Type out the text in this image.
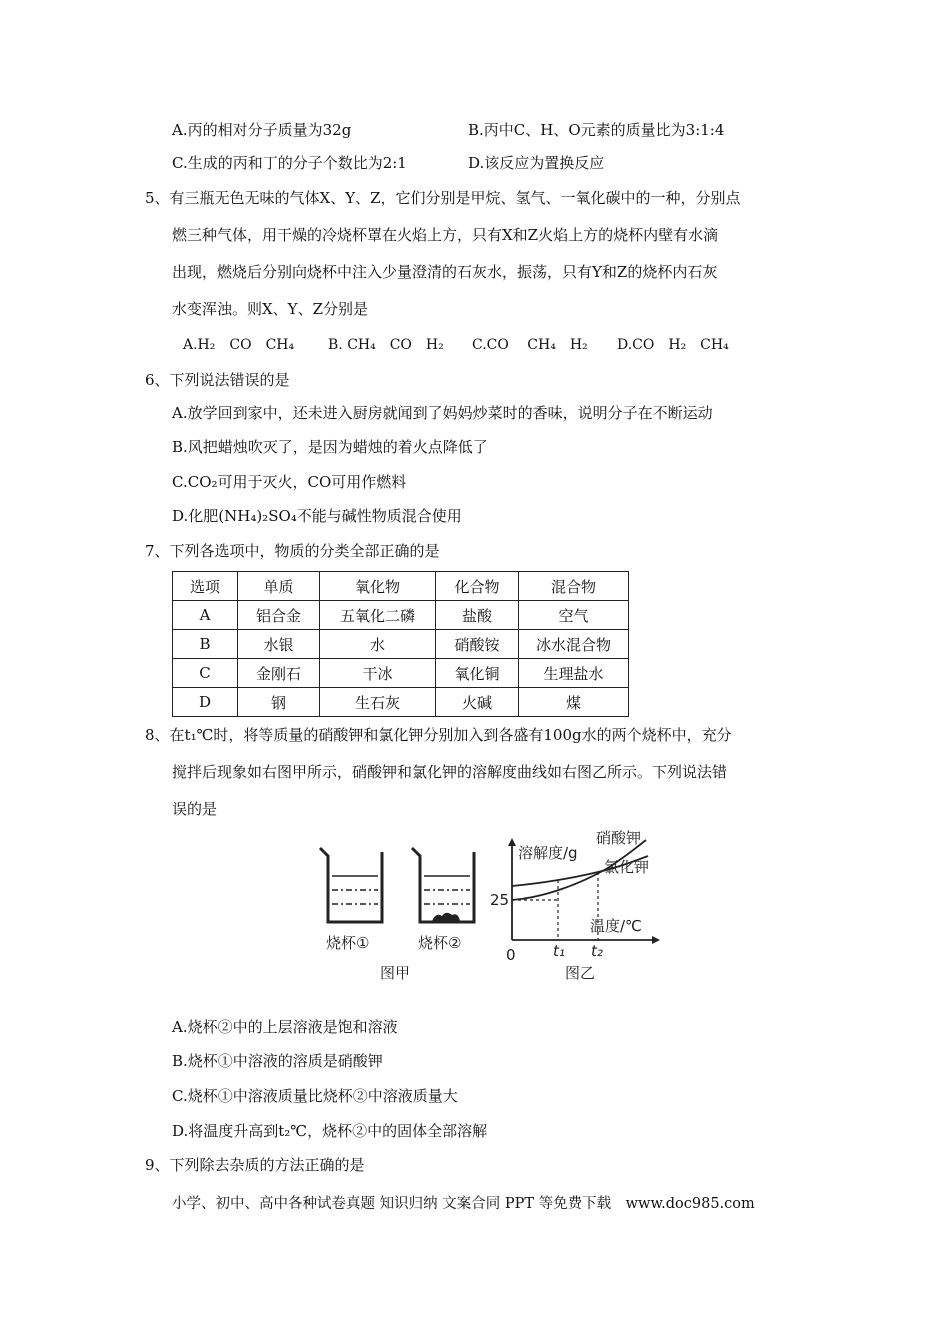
A.丙的相对分子质量为32g	B.丙中C、H、O元素的质量比为3:1:4
C.生成的丙和丁的分子个数比为2:1	D.该反应为置换反应
5、有三瓶无色无味的气体X、Y、Z，它们分别是甲烷、氢气、一氧化碳中的一种，分别点
燃三种气体，用干燥的冷烧杯罩在火焰上方，只有X和Z火焰上方的烧杯内壁有水滴
出现，燃烧后分别向烧杯中注入少量澄清的石灰水，振荡，只有Y和Z的烧杯内石灰
水变浑浊。则X、Y、Z分别是
A.H₂　CO　CH₄ B. CH₄　CO　H₂ C.CO　 CH₄　H₂ D.CO　H₂　CH₄
6、下列说法错误的是
A.放学回到家中，还未进入厨房就闻到了妈妈炒菜时的香味，说明分子在不断运动
B.风把蜡烛吹灭了，是因为蜡烛的着火点降低了
C.CO₂可用于灭火，CO可用作燃料
D.化肥(NH₄)₂SO₄不能与碱性物质混合使用
7、下列各选项中，物质的分类全部正确的是
选项	单质	氧化物	化合物	混合物
A	铝合金	五氧化二磷	盐酸	空气
B	水银	水	硝酸铵	冰水混合物
C	金刚石	干冰	氧化铜	生理盐水
D	钢	生石灰	火碱	煤
8、在t₁℃时，将等质量的硝酸钾和氯化钾分别加入到各盛有100g水的两个烧杯中，充分
搅拌后现象如右图甲所示，硝酸钾和氯化钾的溶解度曲线如右图乙所示。下列说法错
误的是
烧杯①	烧杯②
图甲
溶解度/g
温度/℃
25
0 t₁ t₂
图乙
硝酸钾
氯化钾
A.烧杯②中的上层溶液是饱和溶液
B.烧杯①中溶液的溶质是硝酸钾
C.烧杯①中溶液质量比烧杯②中溶液质量大
D.将温度升高到t₂℃，烧杯②中的固体全部溶解
9、下列除去杂质的方法正确的是
小学、初中、高中各种试卷真题 知识归纳 文案合同 PPT 等免费下载　www.doc985.com
